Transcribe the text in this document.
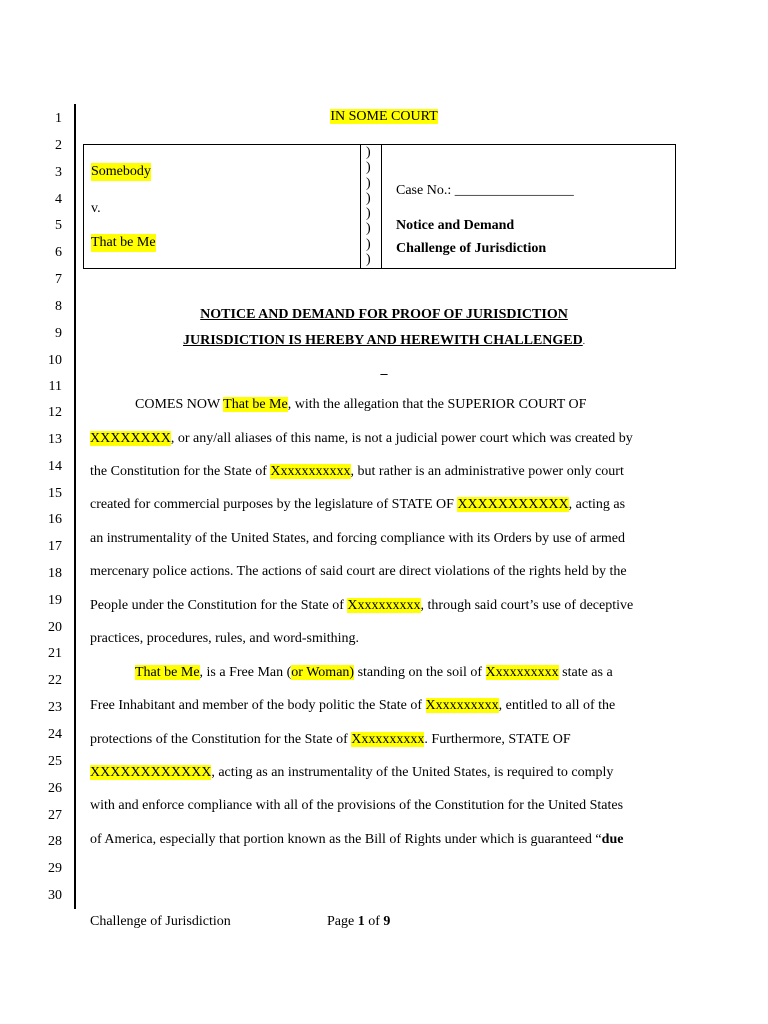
1
2
3
4
5
6
7
8
9
10
11
12
13
14
15
16
17
18
19
20
21
22
23
24
25
26
27
28
29
30
IN SOME COURT
Somebody
v.
That be Me
)
)
)
)
)
)
)
)
Case No.: _________________
Notice and Demand
Challenge of Jurisdiction
NOTICE AND DEMAND FOR PROOF OF JURISDICTION
JURISDICTION IS HEREBY AND HEREWITH CHALLENGED.
_
COMES NOW That be Me, with the allegation that the SUPERIOR COURT OF
XXXXXXXX, or any/all aliases of this name, is not a judicial power court which was created by
the Constitution for the State of Xxxxxxxxxxx, but rather is an administrative power only court
created for commercial purposes by the legislature of STATE OF XXXXXXXXXXX, acting as
an instrumentality of the United States, and forcing compliance with its Orders by use of armed
mercenary police actions. The actions of said court are direct violations of the rights held by the
People under the Constitution for the State of Xxxxxxxxxx, through said court’s use of deceptive
practices, procedures, rules, and word-smithing.
That be Me, is a Free Man (or Woman) standing on the soil of Xxxxxxxxxx state as a
Free Inhabitant and member of the body politic the State of Xxxxxxxxxx, entitled to all of the
protections of the Constitution for the State of Xxxxxxxxxx. Furthermore, STATE OF
XXXXXXXXXXXX, acting as an instrumentality of the United States, is required to comply
with and enforce compliance with all of the provisions of the Constitution for the United States
of America, especially that portion known as the Bill of Rights under which is guaranteed “due
Challenge of Jurisdiction	Page 1 of 9
